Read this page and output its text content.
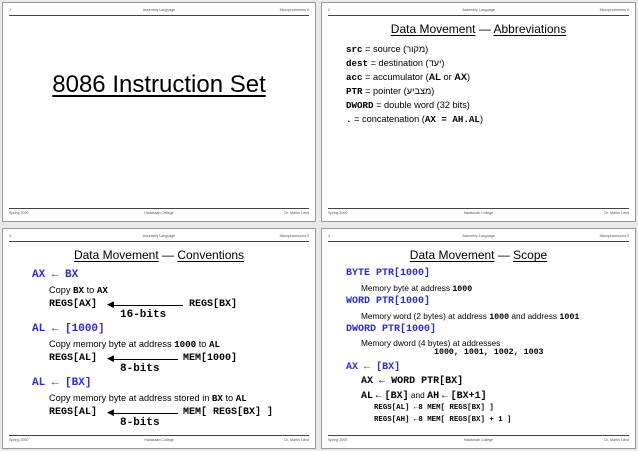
1	Assembly Language	Microprocessors II
8086 Instruction Set
Spring 2000	Hadassah College	Dr. Martin Land
2	Assembly Language	Microprocessors II
Data Movement — Abbreviations
src = source (מקור)
dest = destination (יעד)
acc = accumulator (AL or AX)
PTR = pointer (מצביע)
DWORD = double word (32 bits)
. = concatenation (AX = AH.AL)
Spring 2000	Hadassah College	Dr. Martin Land
3	Assembly Language	Microprocessors II
Data Movement — Conventions
AX ← BX
Copy BX to AX
REGS[AX] ◀	REGS[BX]
16-bits
AL ← [1000]
Copy memory byte at address 1000 to AL
REGS[AL] ◀	MEM[1000]
8-bits
AL ← [BX]
Copy memory byte at address stored in BX to AL
REGS[AL] ◀	MEM[ REGS[BX] ]
8-bits
Spring 2000	Hadassah College	Dr. Martin Land
4	Assembly Language	Microprocessors II
Data Movement — Scope
BYTE PTR[1000]
Memory byte at address 1000
WORD PTR[1000]
Memory word (2 bytes) at address 1000 and address 1001
DWORD PTR[1000]
Memory dword (4 bytes) at addresses
1000, 1001, 1002, 1003
AX ← [BX]
AX ← WORD PTR[BX]
AL ← [BX] and AH ← [BX+1]
REGS[AL] ←8 MEM[ REGS[BX] ]
REGS[AH] ←8 MEM[ REGS[BX] + 1 ]
Spring 2000	Hadassah College	Dr. Martin Land
